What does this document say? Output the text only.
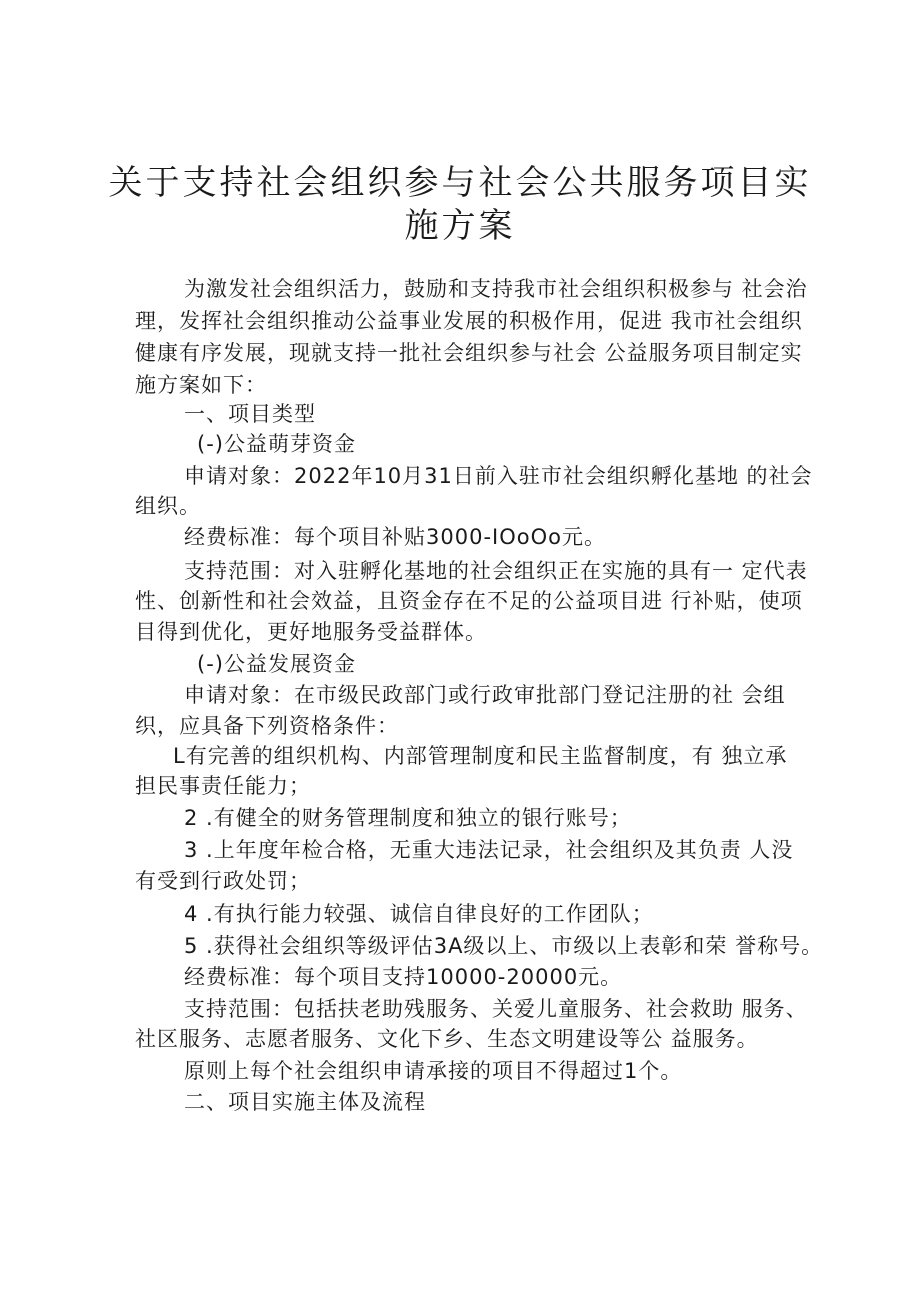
关于支持社会组织参与社会公共服务项目实
施方案
为激发社会组织活力，鼓励和支持我市社会组织积极参与 社会治
理，发挥社会组织推动公益事业发展的积极作用，促进 我市社会组织
健康有序发展，现就支持一批社会组织参与社会 公益服务项目制定实
施方案如下：
一、项目类型
(-)公益萌芽资金
申请对象：2022年10月31日前入驻市社会组织孵化基地 的社会
组织。
经费标准：每个项目补贴3000-IOoOo元。
支持范围：对入驻孵化基地的社会组织正在实施的具有一 定代表
性、创新性和社会效益，且资金存在不足的公益项目进 行补贴，使项
目得到优化，更好地服务受益群体。
(-)公益发展资金
申请对象：在市级民政部门或行政审批部门登记注册的社 会组
织，应具备下列资格条件：
L有完善的组织机构、内部管理制度和民主监督制度，有 独立承
担民事责任能力；
2 .有健全的财务管理制度和独立的银行账号；
3 .上年度年检合格，无重大违法记录，社会组织及其负责 人没
有受到行政处罚；
4 .有执行能力较强、诚信自律良好的工作团队；
5 .获得社会组织等级评估3A级以上、市级以上表彰和荣 誉称号。
经费标准：每个项目支持10000-20000元。
支持范围：包括扶老助残服务、关爱儿童服务、社会救助 服务、
社区服务、志愿者服务、文化下乡、生态文明建设等公 益服务。
原则上每个社会组织申请承接的项目不得超过1个。
二、项目实施主体及流程
